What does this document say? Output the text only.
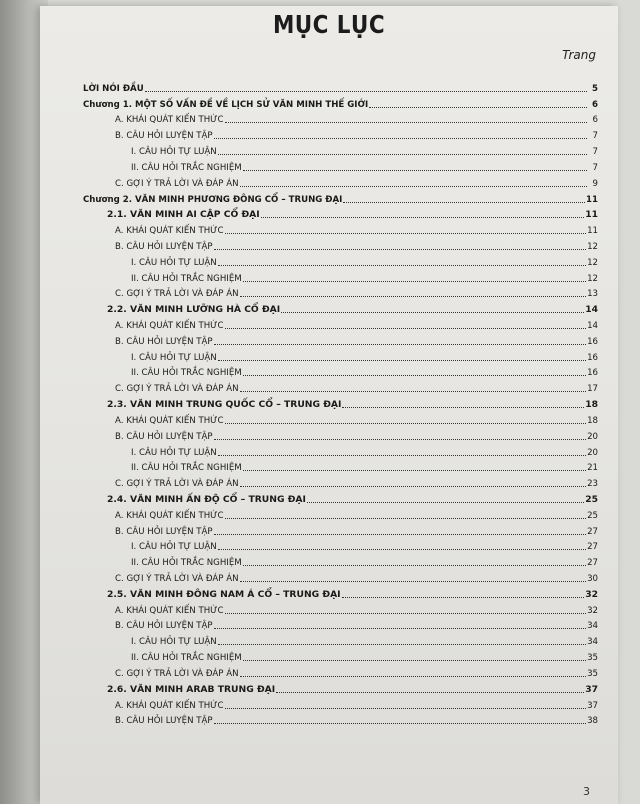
MỤC LỤC
Trang
LỜI NÓI ĐẦU	5
Chương 1. MỘT SỐ VẤN ĐỀ VỀ LỊCH SỬ VĂN MINH THẾ GIỚI	6
A. KHÁI QUÁT KIẾN THỨC	6
B. CÂU HỎI LUYỆN TẬP	7
I. CÂU HỎI TỰ LUẬN	7
II. CÂU HỎI TRẮC NGHIỆM	7
C. GỢI Ý TRẢ LỜI VÀ ĐÁP ÁN	9
Chương 2. VĂN MINH PHƯƠNG ĐÔNG CỔ – TRUNG ĐẠI	11
2.1. VĂN MINH AI CẬP CỔ ĐẠI	11
A. KHÁI QUÁT KIẾN THỨC	11
B. CÂU HỎI LUYỆN TẬP	12
I. CÂU HỎI TỰ LUẬN	12
II. CÂU HỎI TRẮC NGHIỆM	12
C. GỢI Ý TRẢ LỜI VÀ ĐÁP ÁN	13
2.2. VĂN MINH LƯỠNG HÀ CỔ ĐẠI	14
A. KHÁI QUÁT KIẾN THỨC	14
B. CÂU HỎI LUYỆN TẬP	16
I. CÂU HỎI TỰ LUẬN	16
II. CÂU HỎI TRẮC NGHIỆM	16
C. GỢI Ý TRẢ LỜI VÀ ĐÁP ÁN	17
2.3. VĂN MINH TRUNG QUỐC CỔ – TRUNG ĐẠI	18
A. KHÁI QUÁT KIẾN THỨC	18
B. CÂU HỎI LUYỆN TẬP	20
I. CÂU HỎI TỰ LUẬN	20
II. CÂU HỎI TRẮC NGHIỆM	21
C. GỢI Ý TRẢ LỜI VÀ ĐÁP ÁN	23
2.4. VĂN MINH ẤN ĐỘ CỔ – TRUNG ĐẠI	25
A. KHÁI QUÁT KIẾN THỨC	25
B. CÂU HỎI LUYỆN TẬP	27
I. CÂU HỎI TỰ LUẬN	27
II. CÂU HỎI TRẮC NGHIỆM	27
C. GỢI Ý TRẢ LỜI VÀ ĐÁP ÁN	30
2.5. VĂN MINH ĐÔNG NAM Á CỔ – TRUNG ĐẠI	32
A. KHÁI QUÁT KIẾN THỨC	32
B. CÂU HỎI LUYỆN TẬP	34
I. CÂU HỎI TỰ LUẬN	34
II. CÂU HỎI TRẮC NGHIỆM	35
C. GỢI Ý TRẢ LỜI VÀ ĐÁP ÁN	35
2.6. VĂN MINH ARAB TRUNG ĐẠI	37
A. KHÁI QUÁT KIẾN THỨC	37
B. CÂU HỎI LUYỆN TẬP	38
3
